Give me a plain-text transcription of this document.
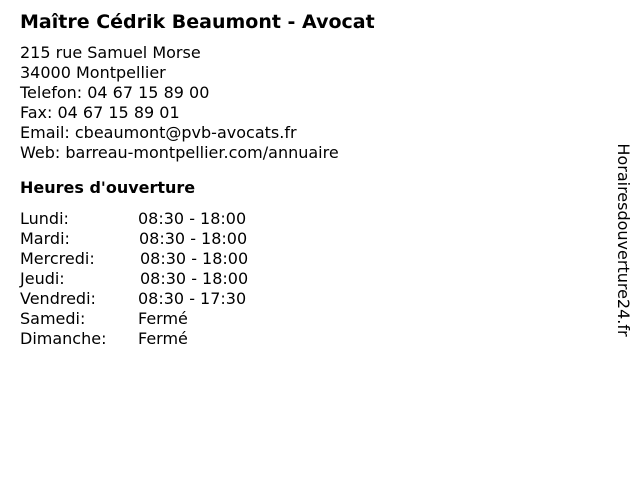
Maître Cédrik Beaumont - Avocat
215 rue Samuel Morse
34000 Montpellier
Telefon: 04 67 15 89 00
Fax: 04 67 15 89 01
Email: cbeaumont@pvb-avocats.fr
Web: barreau-montpellier.com/annuaire
Heures d'ouverture
Lundi:	08:30 - 18:00
Mardi:	08:30 - 18:00
Mercredi:	08:30 - 18:00
Jeudi:	08:30 - 18:00
Vendredi:	08:30 - 17:30
Samedi:	Fermé
Dimanche: Fermé
Horairesdouverture24.fr
